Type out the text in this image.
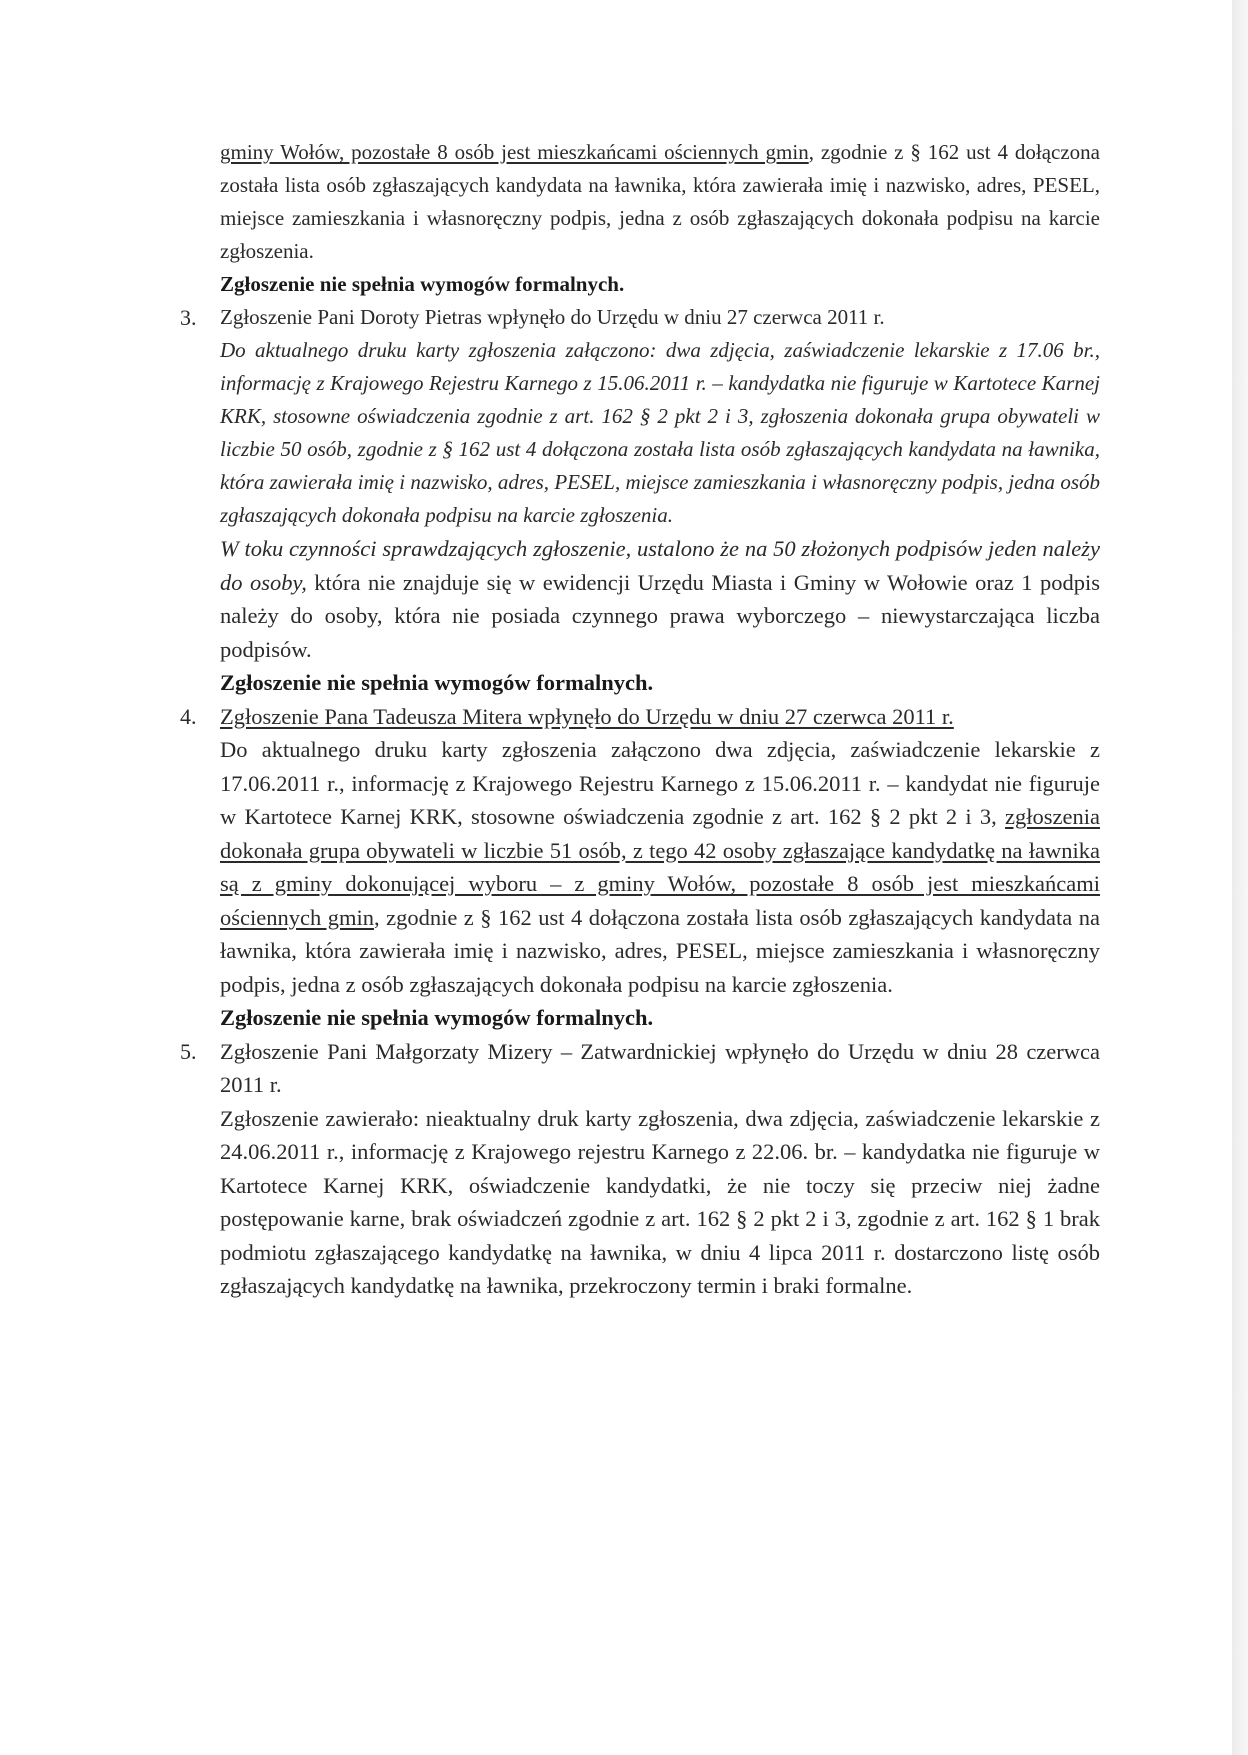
gminy Wołów, pozostałe 8 osób jest mieszkańcami ościennych gmin, zgodnie z § 162 ust 4 dołączona została lista osób zgłaszających kandydata na ławnika, która zawierała imię i nazwisko, adres, PESEL, miejsce zamieszkania i własnoręczny podpis, jedna z osób zgłaszających dokonała podpisu na karcie zgłoszenia.

Zgłoszenie nie spełnia wymogów formalnych.

3. Zgłoszenie Pani Doroty Pietras wpłynęło do Urzędu w dniu 27 czerwca 2011 r.

Do aktualnego druku karty zgłoszenia załączono: dwa zdjęcia, zaświadczenie lekarskie z 17.06 br., informację z Krajowego Rejestru Karnego z 15.06.2011 r. – kandydatka nie figuruje w Kartotece Karnej KRK, stosowne oświadczenia zgodnie z art. 162 § 2 pkt 2 i 3, zgłoszenia dokonała grupa obywateli w liczbie 50 osób, zgodnie z § 162 ust 4 dołączona została lista osób zgłaszających kandydata na ławnika, która zawierała imię i nazwisko, adres, PESEL, miejsce zamieszkania i własnoręczny podpis, jedna osób zgłaszających dokonała podpisu na karcie zgłoszenia.

W toku czynności sprawdzających zgłoszenie, ustalono że na 50 złożonych podpisów jeden należy do osoby, która nie znajduje się w ewidencji Urzędu Miasta i Gminy w Wołowie oraz 1 podpis należy do osoby, która nie posiada czynnego prawa wyborczego – niewystarczająca liczba podpisów.

Zgłoszenie nie spełnia wymogów formalnych.

4. Zgłoszenie Pana Tadeusza Mitera wpłynęło do Urzędu w dniu 27 czerwca 2011 r.

Do aktualnego druku karty zgłoszenia załączono dwa zdjęcia, zaświadczenie lekarskie z 17.06.2011 r., informację z Krajowego Rejestru Karnego z 15.06.2011 r. – kandydat nie figuruje w Kartotece Karnej KRK, stosowne oświadczenia zgodnie z art. 162 § 2 pkt 2 i 3, zgłoszenia dokonała grupa obywateli w liczbie 51 osób, z tego 42 osoby zgłaszające kandydatkę na ławnika są z gminy dokonującej wyboru – z gminy Wołów, pozostałe 8 osób jest mieszkańcami ościennych gmin, zgodnie z § 162 ust 4 dołączona została lista osób zgłaszających kandydata na ławnika, która zawierała imię i nazwisko, adres, PESEL, miejsce zamieszkania i własnoręczny podpis, jedna z osób zgłaszających dokonała podpisu na karcie zgłoszenia.

Zgłoszenie nie spełnia wymogów formalnych.

5. Zgłoszenie Pani Małgorzaty Mizery – Zatwardnickiej wpłynęło do Urzędu w dniu 28 czerwca 2011 r.

Zgłoszenie zawierało: nieaktualny druk karty zgłoszenia, dwa zdjęcia, zaświadczenie lekarskie z 24.06.2011 r., informację z Krajowego rejestru Karnego z 22.06. br. – kandydatka nie figuruje w Kartotece Karnej KRK, oświadczenie kandydatki, że nie toczy się przeciw niej żadne postępowanie karne, brak oświadczeń zgodnie z art. 162 § 2 pkt 2 i 3, zgodnie z art. 162 § 1 brak podmiotu zgłaszającego kandydatkę na ławnika, w dniu 4 lipca 2011 r. dostarczono listę osób zgłaszających kandydatkę na ławnika, przekroczony termin i braki formalne.
